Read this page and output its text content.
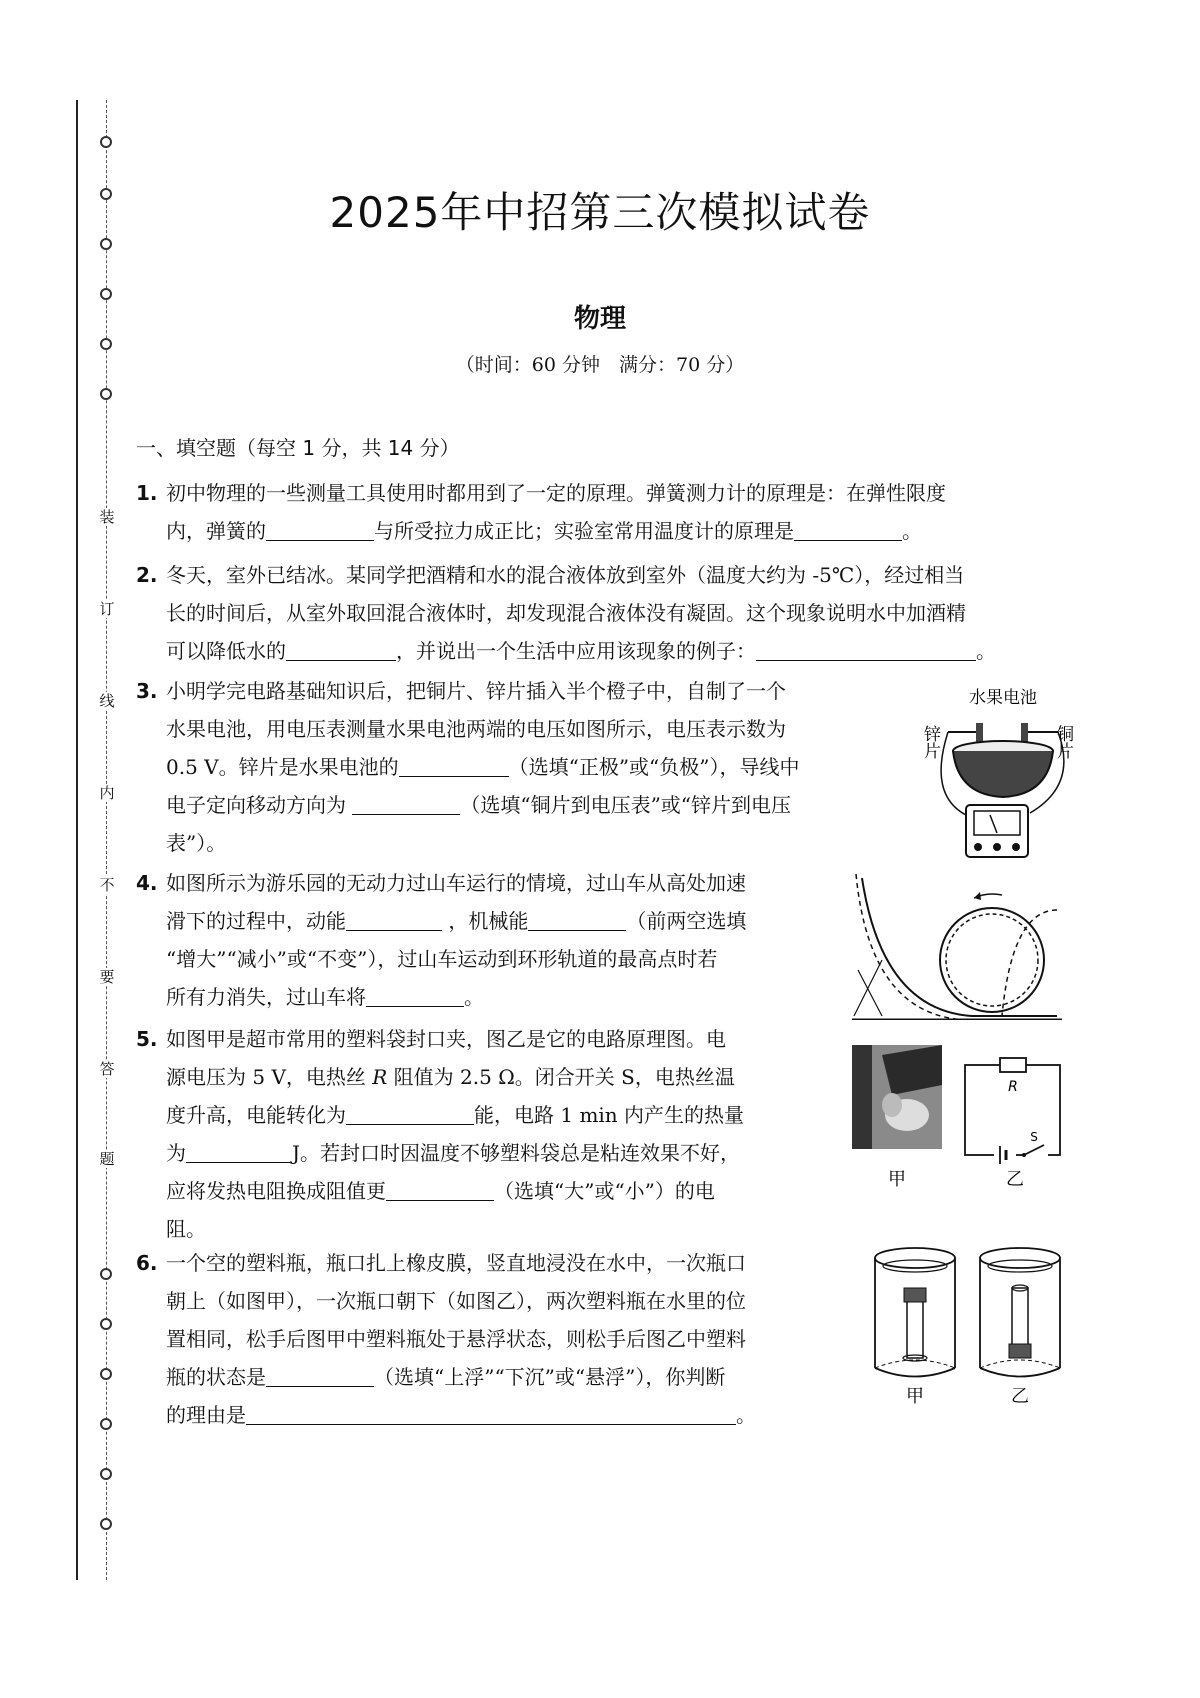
装
订
线
内
不
要
答
题
2025年中招第三次模拟试卷
物理
（时间：60 分钟　满分：70 分）
一、填空题（每空 1 分，共 14 分）
1. 初中物理的一些测量工具使用时都用到了一定的原理。弹簧测力计的原理是：在弹性限度
内，弹簧的	与所受拉力成正比；实验室常用温度计的原理是	。
2. 冬天，室外已结冰。某同学把酒精和水的混合液体放到室外（温度大约为 -5℃），经过相当
长的时间后，从室外取回混合液体时，却发现混合液体没有凝固。这个现象说明水中加酒精
可以降低水的	，并说出一个生活中应用该现象的例子：	。
3. 小明学完电路基础知识后，把铜片、锌片插入半个橙子中，自制了一个
水果电池，用电压表测量水果电池两端的电压如图所示，电压表示数为
0.5 V。锌片是水果电池的	（选填“正极”或“负极”），导线中
电子定向移动方向为	（选填“铜片到电压表”或“锌片到电压
表”）。
水果电池
锌片	铜片
4. 如图所示为游乐园的无动力过山车运行的情境，过山车从高处加速
滑下的过程中，动能	，机械能	（前两空选填
“增大”“减小”或“不变”），过山车运动到环形轨道的最高点时若
所有力消失，过山车将	。
5. 如图甲是超市常用的塑料袋封口夹，图乙是它的电路原理图。电
源电压为 5 V，电热丝 R 阻值为 2.5 Ω。闭合开关 S，电热丝温
度升高，电能转化为	能，电路 1 min 内产生的热量
为	J。若封口时因温度不够塑料袋总是粘连效果不好，
应将发热电阻换成阻值更	（选填“大”或“小”）的电
阻。
甲
R
S
乙
6. 一个空的塑料瓶，瓶口扎上橡皮膜，竖直地浸没在水中，一次瓶口
朝上（如图甲），一次瓶口朝下（如图乙），两次塑料瓶在水里的位
置相同，松手后图甲中塑料瓶处于悬浮状态，则松手后图乙中塑料
瓶的状态是	（选填“上浮”“下沉”或“悬浮”），你判断
的理由是	。
甲	乙
